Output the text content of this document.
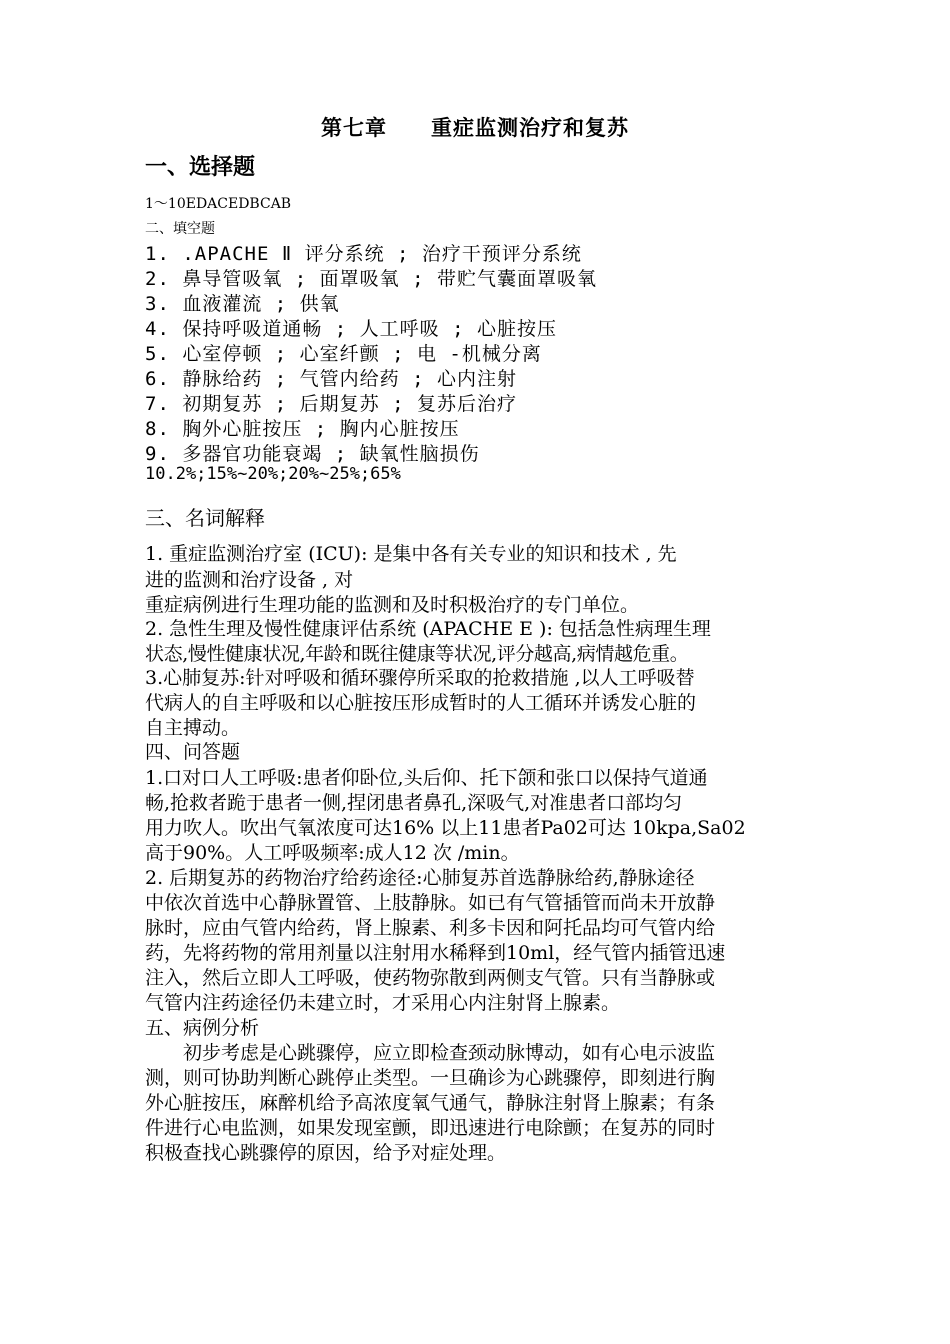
第七章　　重症监测治疗和复苏
一、选择题
1～10EDACEDBCAB
二、填空题
1. .APACHE Ⅱ 评分系统 ; 治疗干预评分系统
2. 鼻导管吸氧 ; 面罩吸氧 ; 带贮气囊面罩吸氧
3. 血液灌流 ; 供氧
4. 保持呼吸道通畅 ; 人工呼吸 ; 心脏按压
5. 心室停顿 ; 心室纤颤 ; 电 -机械分离
6. 静脉给药 ; 气管内给药 ; 心内注射
7. 初期复苏 ; 后期复苏 ; 复苏后治疗
8. 胸外心脏按压 ; 胸内心脏按压
9. 多器官功能衰竭 ; 缺氧性脑损伤
10.2%;15%~20%;20%~25%;65%
三、名词解释
1. 重症监测治疗室 (ICU): 是集中各有关专业的知识和技术 , 先
进的监测和治疗设备 , 对
重症病例进行生理功能的监测和及时积极治疗的专门单位。
2. 急性生理及慢性健康评估系统 (APACHE E ): 包括急性病理生理
状态,慢性健康状况,年龄和既往健康等状况,评分越高,病情越危重。
3.心肺复苏:针对呼吸和循环骤停所采取的抢救措施 ,以人工呼吸替
代病人的自主呼吸和以心脏按压形成暂时的人工循环并诱发心脏的
自主搏动。
四、问答题
1.口对口人工呼吸:患者仰卧位,头后仰、托下颌和张口以保持气道通
畅,抢救者跪于患者一侧,捏闭患者鼻孔,深吸气,对准患者口部均匀
用力吹人。吹出气氧浓度可达16% 以上11患者Pa02可达 10kpa,Sa02
高于90%。人工呼吸频率:成人12 次 /min。
2. 后期复苏的药物治疗给药途径:心肺复苏首选静脉给药,静脉途径
中依次首选中心静脉置管、上肢静脉。如已有气管插管而尚未开放静
脉时，应由气管内给药，肾上腺素、利多卡因和阿托品均可气管内给
药，先将药物的常用剂量以注射用水稀释到10ml，经气管内插管迅速
注入，然后立即人工呼吸，使药物弥散到两侧支气管。只有当静脉或
气管内注药途径仍未建立时，才采用心内注射肾上腺素。
五、病例分析
　　初步考虑是心跳骤停，应立即检查颈动脉博动，如有心电示波监
测，则可协助判断心跳停止类型。一旦确诊为心跳骤停，即刻进行胸
外心脏按压，麻醉机给予高浓度氧气通气，静脉注射肾上腺素；有条
件进行心电监测，如果发现室颤，即迅速进行电除颤；在复苏的同时
积极查找心跳骤停的原因，给予对症处理。
